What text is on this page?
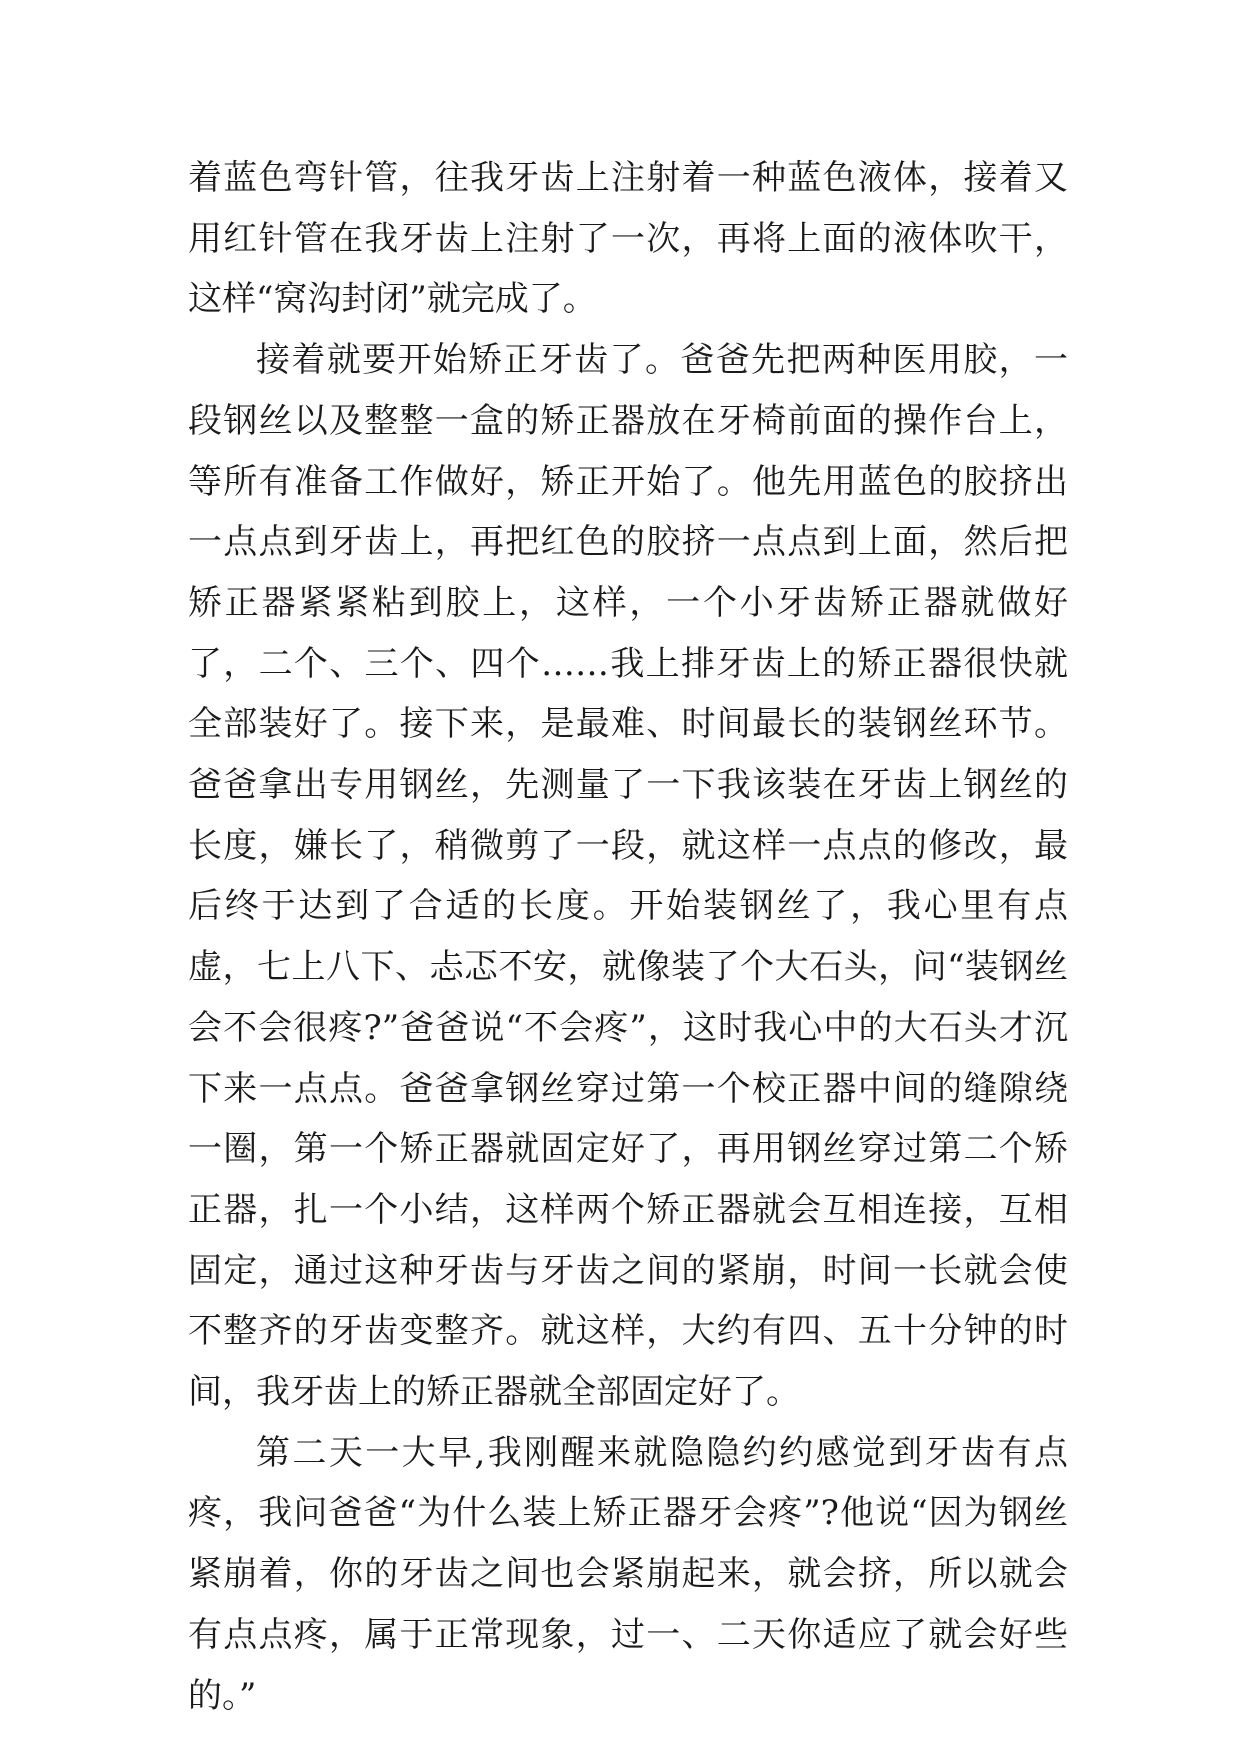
着蓝色弯针管，往我牙齿上注射着一种蓝色液体，接着又用红针管在我牙齿上注射了一次，再将上面的液体吹干，这样“窝沟封闭”就完成了。

接着就要开始矫正牙齿了。爸爸先把两种医用胶，一段钢丝以及整整一盒的矫正器放在牙椅前面的操作台上，等所有准备工作做好，矫正开始了。他先用蓝色的胶挤出一点点到牙齿上，再把红色的胶挤一点点到上面，然后把矫正器紧紧粘到胶上，这样，一个小牙齿矫正器就做好了，二个、三个、四个……我上排牙齿上的矫正器很快就全部装好了。接下来，是最难、时间最长的装钢丝环节。爸爸拿出专用钢丝，先测量了一下我该装在牙齿上钢丝的长度，嫌长了，稍微剪了一段，就这样一点点的修改，最后终于达到了合适的长度。开始装钢丝了，我心里有点虚，七上八下、忐忑不安，就像装了个大石头，问“装钢丝会不会很疼?”爸爸说“不会疼”，这时我心中的大石头才沉下来一点点。爸爸拿钢丝穿过第一个校正器中间的缝隙绕一圈，第一个矫正器就固定好了，再用钢丝穿过第二个矫正器，扎一个小结，这样两个矫正器就会互相连接，互相固定，通过这种牙齿与牙齿之间的紧崩，时间一长就会使不整齐的牙齿变整齐。就这样，大约有四、五十分钟的时间，我牙齿上的矫正器就全部固定好了。

第二天一大早,我刚醒来就隐隐约约感觉到牙齿有点疼，我问爸爸“为什么装上矫正器牙会疼”?他说“因为钢丝紧崩着，你的牙齿之间也会紧崩起来，就会挤，所以就会有点点疼，属于正常现象，过一、二天你适应了就会好些的。”
